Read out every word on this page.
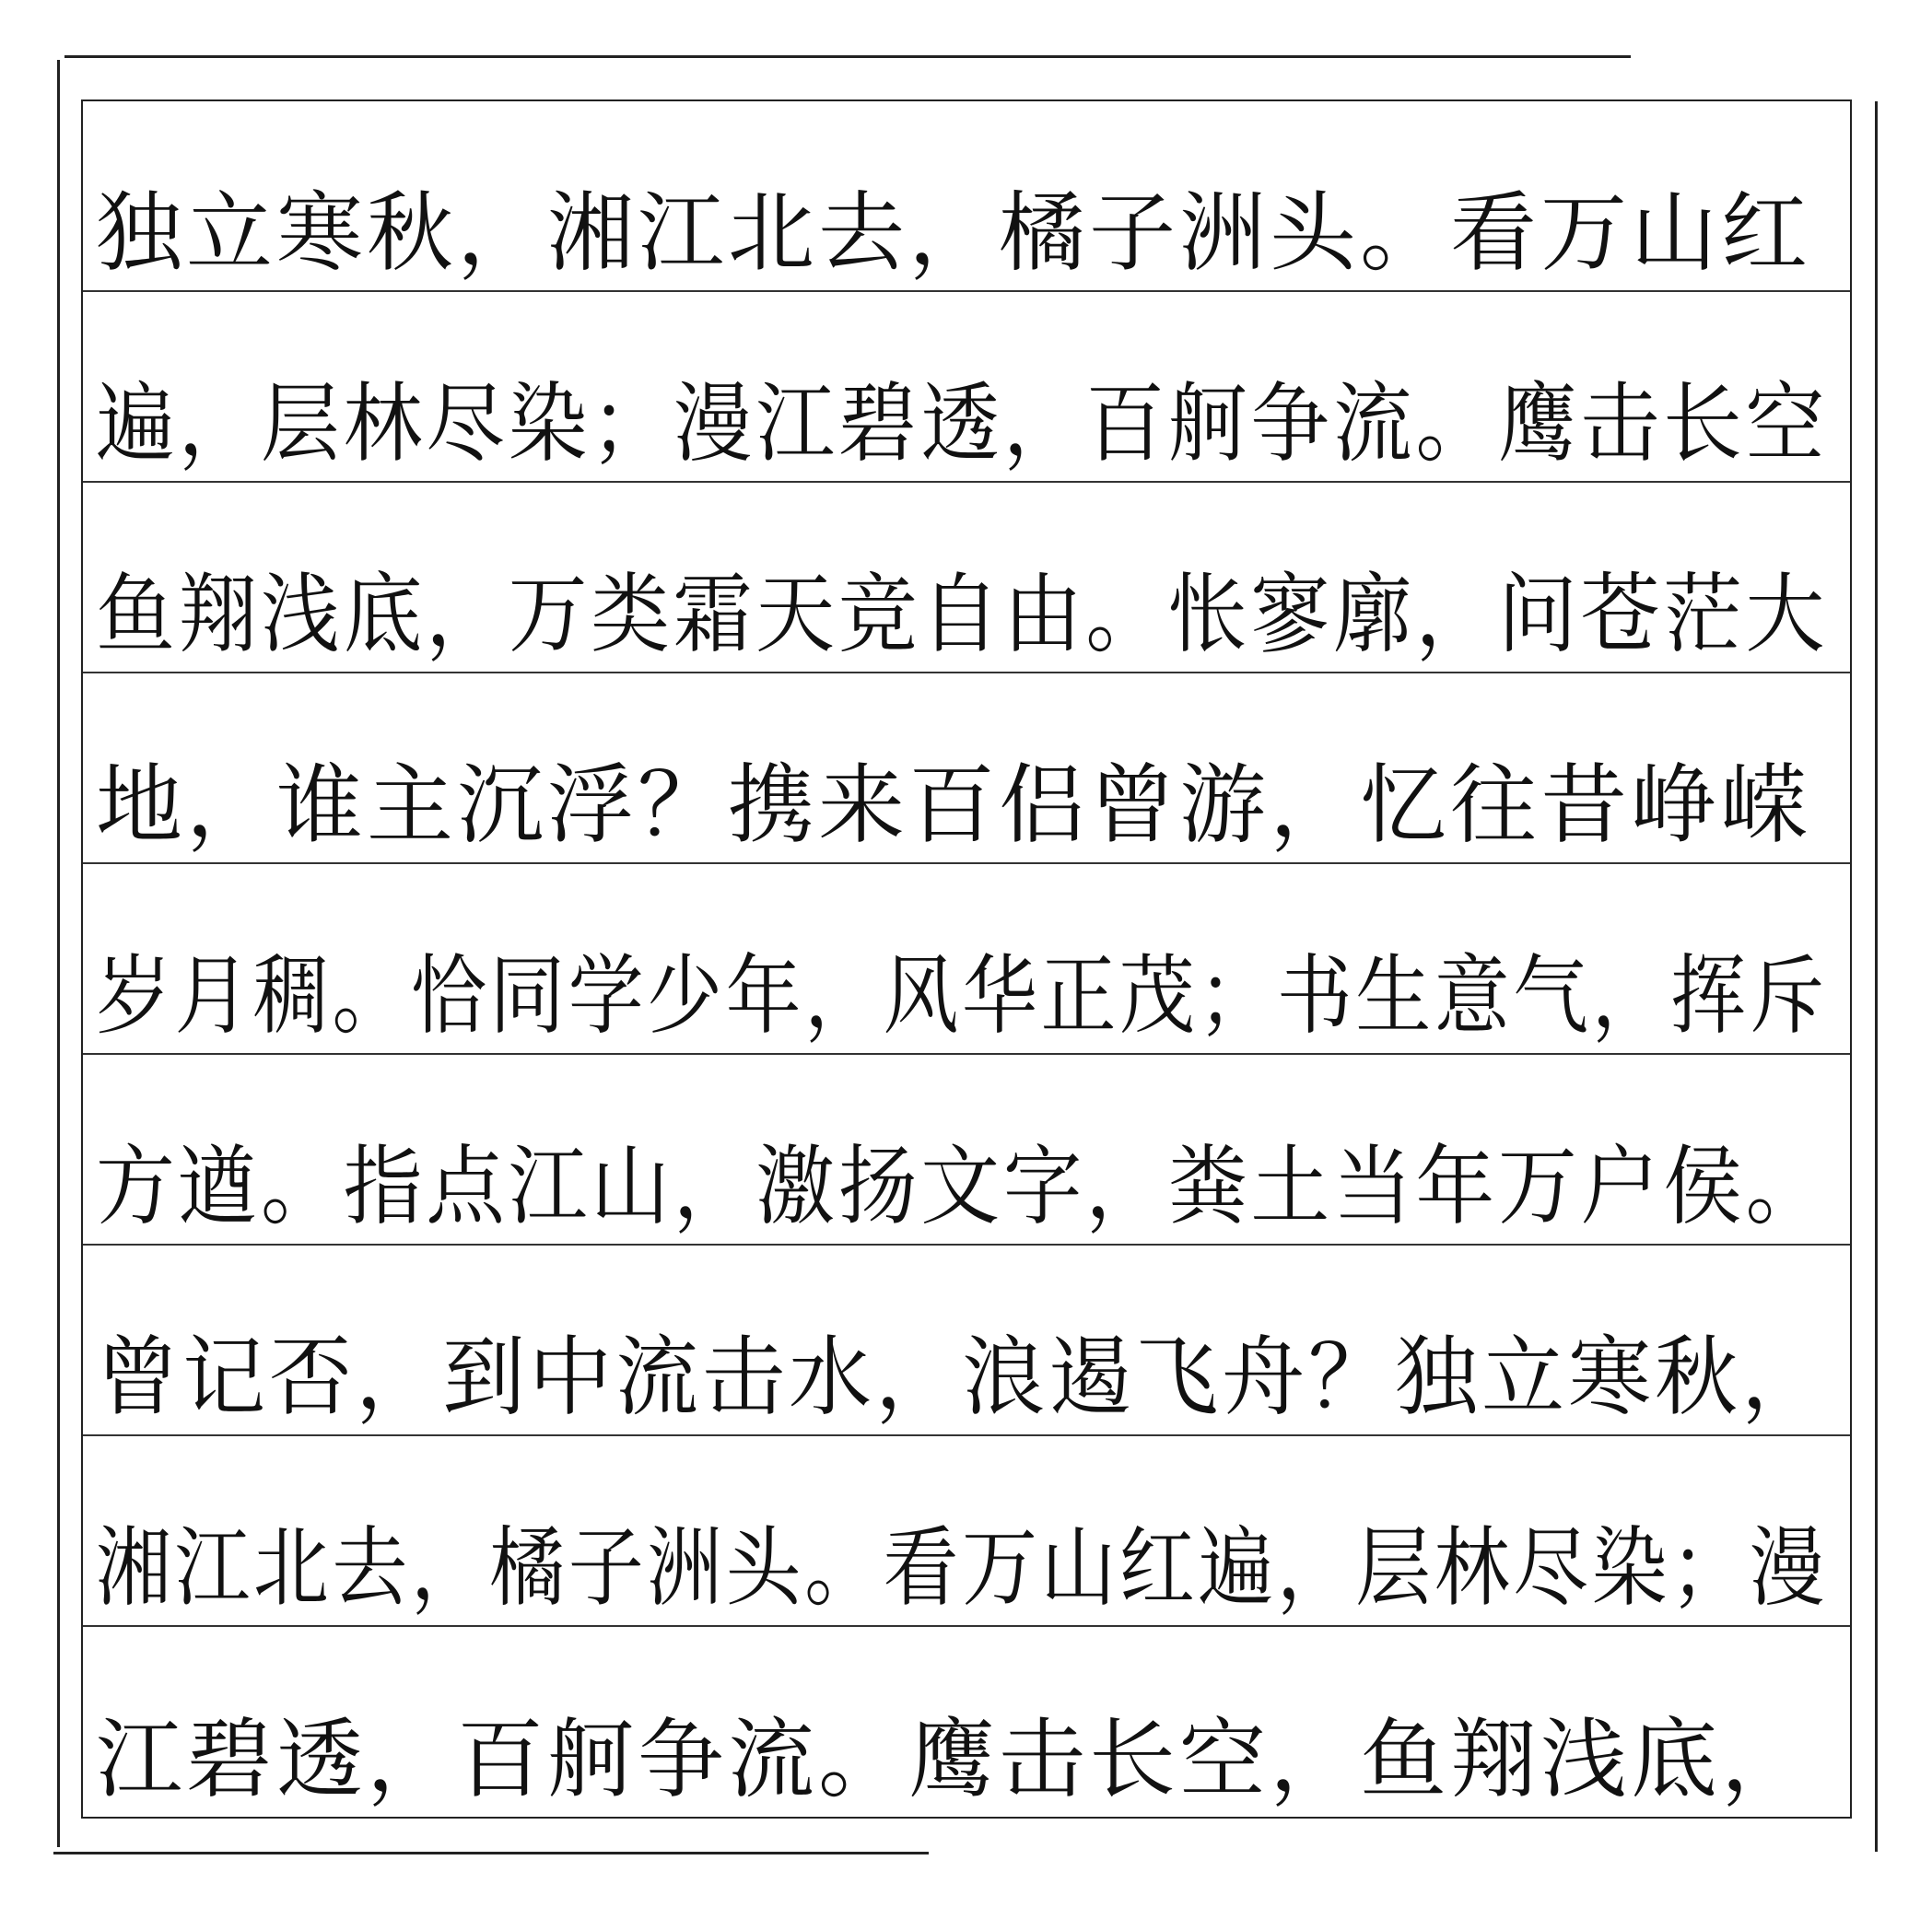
独立寒秋，湘江北去，橘子洲头。看万山红
遍，层林尽染；漫江碧透，百舸争流。鹰击长空
鱼翔浅底，万类霜天竞自由。怅寥廓，问苍茫大
地，谁主沉浮？携来百侣曾游，忆往昔峥嵘
岁月稠。恰同学少年，风华正茂；书生意气，挥斥
方遒。指点江山，激扬文字，粪土当年万户侯。
曾记否，到中流击水，浪遏飞舟？独立寒秋，
湘江北去，橘子洲头。看万山红遍，层林尽染；漫
江碧透，百舸争流。鹰击长空，鱼翔浅底，
